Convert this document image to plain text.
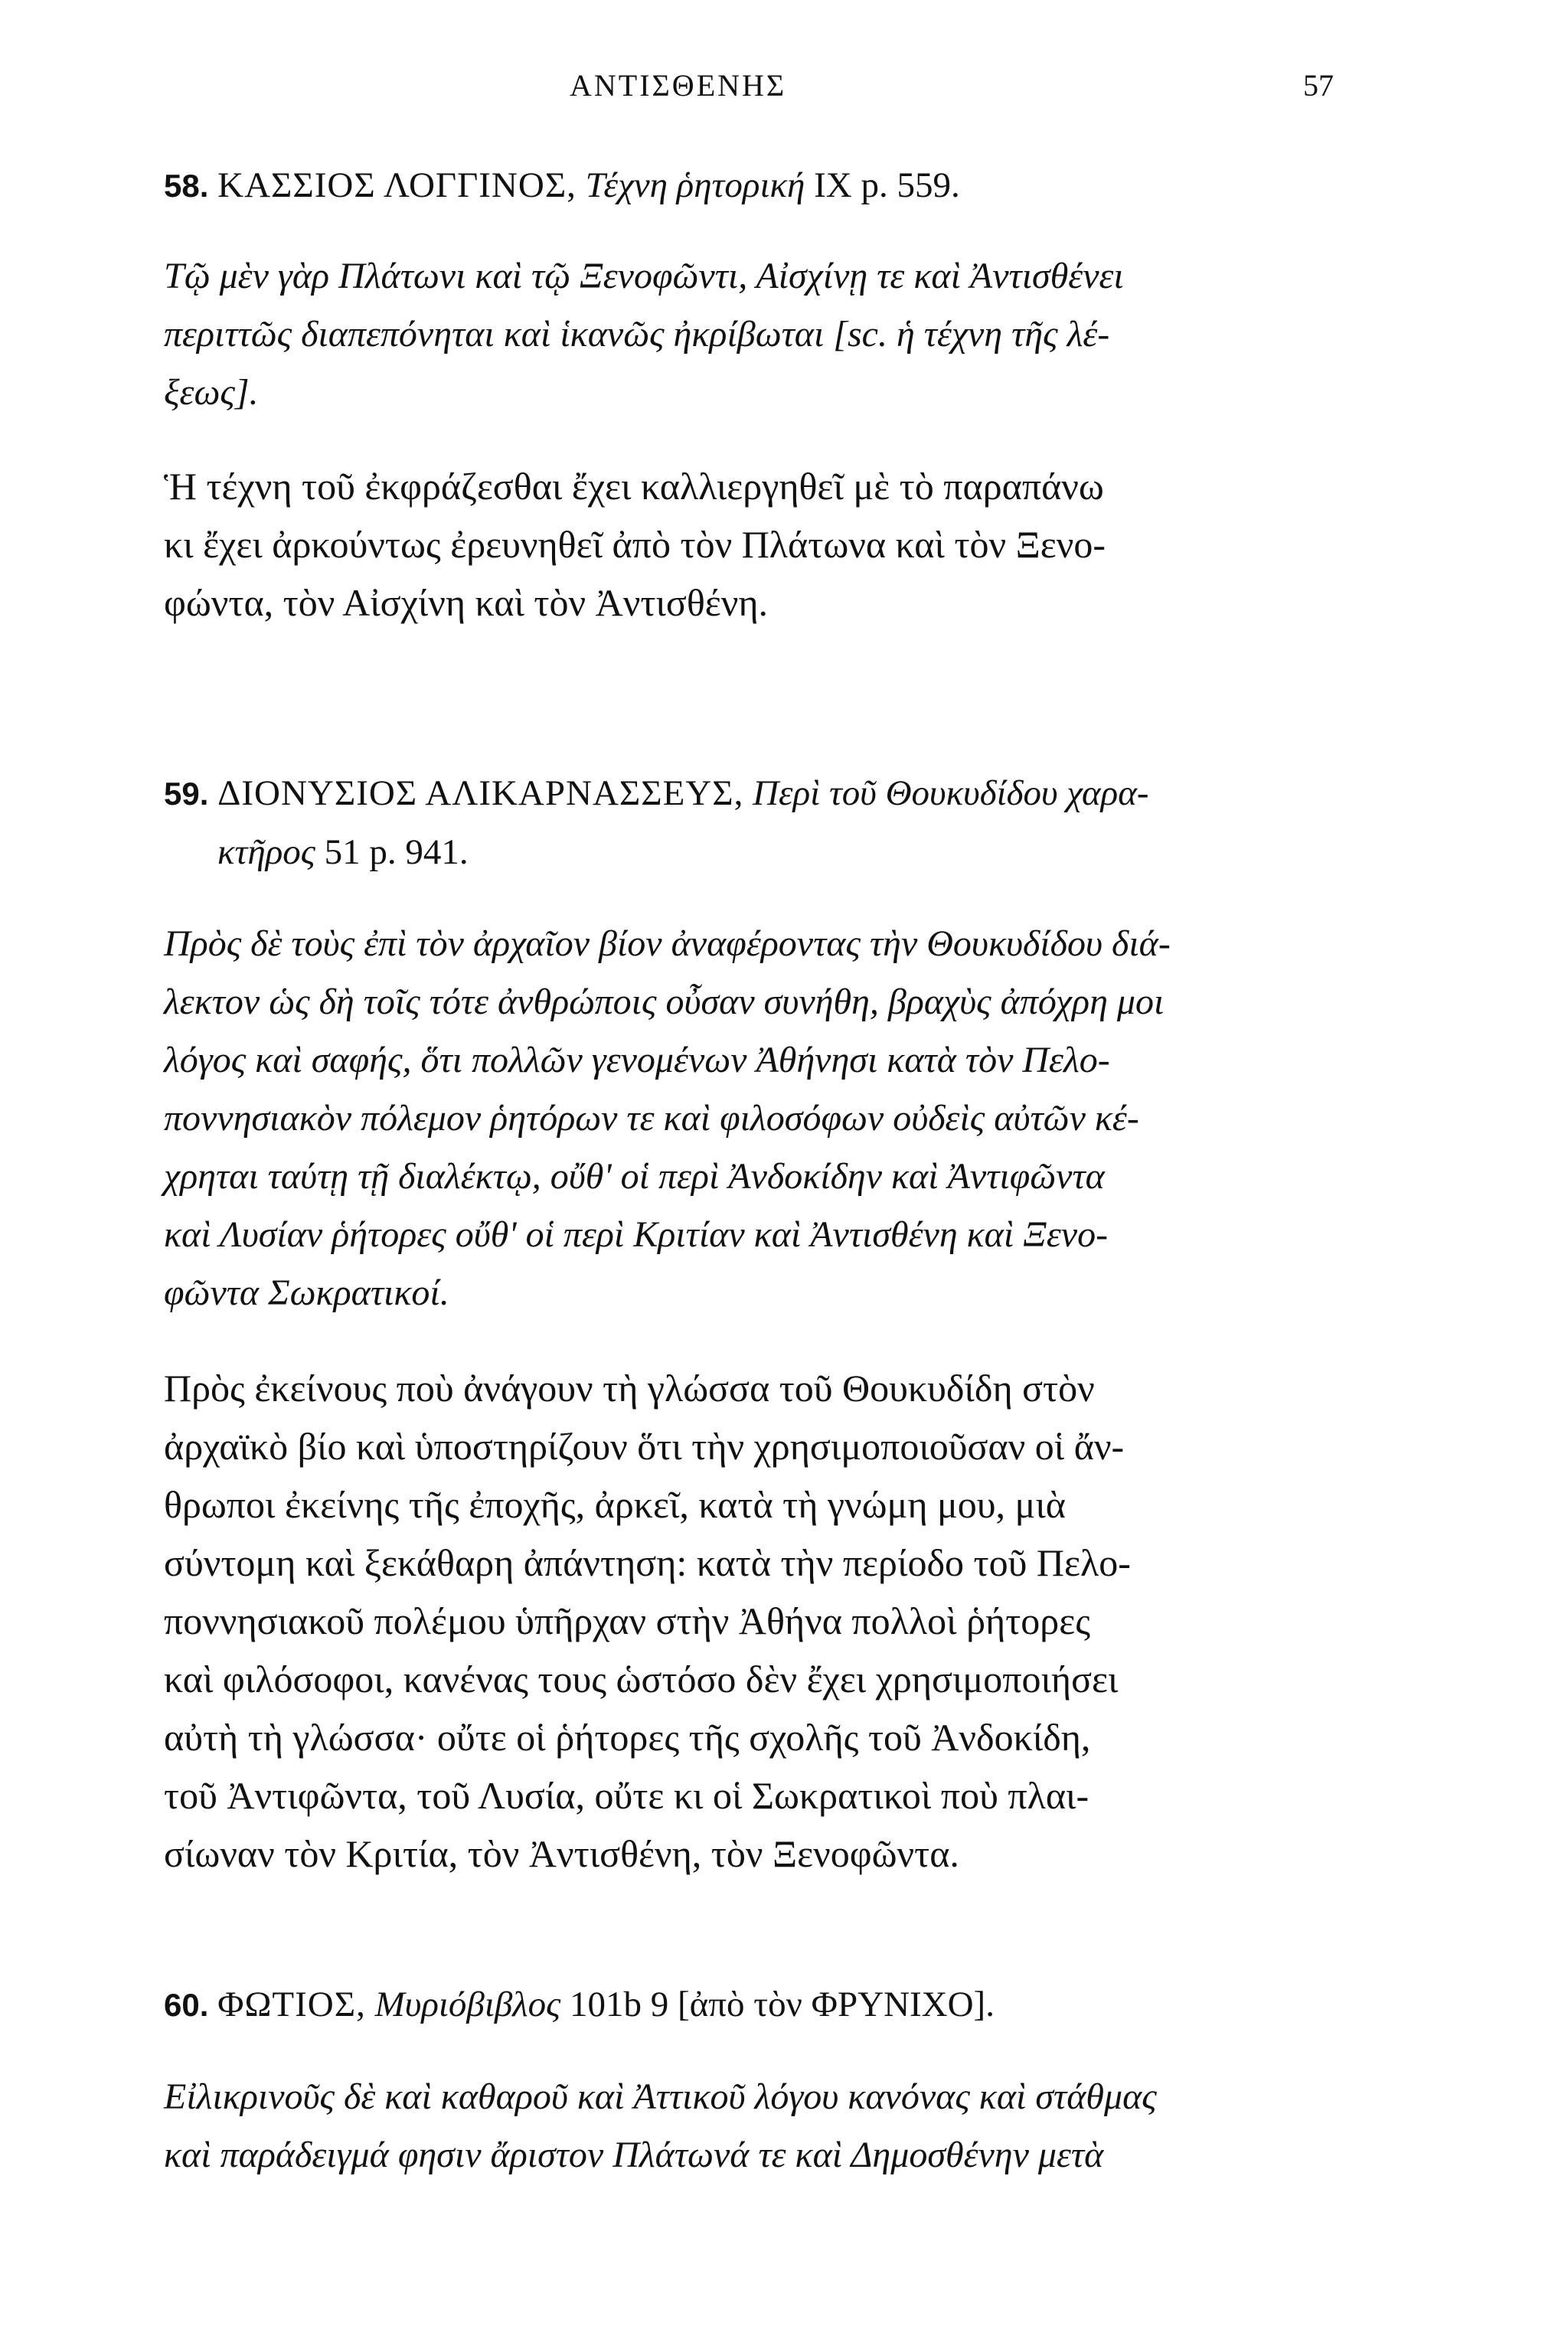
ΑΝΤΙΣΘΕΝΗΣ	57
58. ΚΑΣΣΙΟΣ ΛΟΓΓΙΝΟΣ, Τέχνη ῥητορική IX p. 559.

Τῷ μὲν γὰρ Πλάτωνι καὶ τῷ Ξενοφῶντι, Αἰσχίνῃ τε καὶ Ἀντισθένει
περιττῶς διαπεπόνηται καὶ ἱκανῶς ἠκρίβωται [sc. ἡ τέχνη τῆς λέ-
ξεως].

Ἡ τέχνη τοῦ ἐκφράζεσθαι ἔχει καλλιεργηθεῖ μὲ τὸ παραπάνω
κι ἔχει ἀρκούντως ἐρευνηθεῖ ἀπὸ τὸν Πλάτωνα καὶ τὸν Ξενο-
φώντα, τὸν Αἰσχίνη καὶ τὸν Ἀντισθένη.

59. ΔΙΟΝΥΣΙΟΣ ΑΛΙΚΑΡΝΑΣΣΕΥΣ, Περὶ τοῦ Θουκυδίδου χαρα-
κτῆρος 51 p. 941.

Πρὸς δὲ τοὺς ἐπὶ τὸν ἀρχαῖον βίον ἀναφέροντας τὴν Θουκυδίδου διά-
λεκτον ὡς δὴ τοῖς τότε ἀνθρώποις οὖσαν συνήθη, βραχὺς ἀπόχρη μοι
λόγος καὶ σαφής, ὅτι πολλῶν γενομένων Ἀθήνησι κατὰ τὸν Πελο-
ποννησιακὸν πόλεμον ῥητόρων τε καὶ φιλοσόφων οὐδεὶς αὐτῶν κέ-
χρηται ταύτῃ τῇ διαλέκτῳ, οὔθ' οἱ περὶ Ἀνδοκίδην καὶ Ἀντιφῶντα
καὶ Λυσίαν ῥήτορες οὔθ' οἱ περὶ Κριτίαν καὶ Ἀντισθένη καὶ Ξενο-
φῶντα Σωκρατικοί.

Πρὸς ἐκείνους ποὺ ἀνάγουν τὴ γλώσσα τοῦ Θουκυδίδη στὸν
ἀρχαϊκὸ βίο καὶ ὑποστηρίζουν ὅτι τὴν χρησιμοποιοῦσαν οἱ ἄν-
θρωποι ἐκείνης τῆς ἐποχῆς, ἀρκεῖ, κατὰ τὴ γνώμη μου, μιὰ
σύντομη καὶ ξεκάθαρη ἀπάντηση: κατὰ τὴν περίοδο τοῦ Πελο-
ποννησιακοῦ πολέμου ὑπῆρχαν στὴν Ἀθήνα πολλοὶ ῥήτορες
καὶ φιλόσοφοι, κανένας τους ὡστόσο δὲν ἔχει χρησιμοποιήσει
αὐτὴ τὴ γλώσσα· οὔτε οἱ ῥήτορες τῆς σχολῆς τοῦ Ἀνδοκίδη,
τοῦ Ἀντιφῶντα, τοῦ Λυσία, οὔτε κι οἱ Σωκρατικοὶ ποὺ πλαι-
σίωναν τὸν Κριτία, τὸν Ἀντισθένη, τὸν Ξενοφῶντα.

60. ΦΩΤΙΟΣ, Μυριόβιβλος 101b 9 [ἀπὸ τὸν ΦΡΥΝΙΧΟ].

Εἰλικρινοῦς δὲ καὶ καθαροῦ καὶ Ἀττικοῦ λόγου κανόνας καὶ στάθμας
καὶ παράδειγμά φησιν ἄριστον Πλάτωνά τε καὶ Δημοσθένην μετὰ
